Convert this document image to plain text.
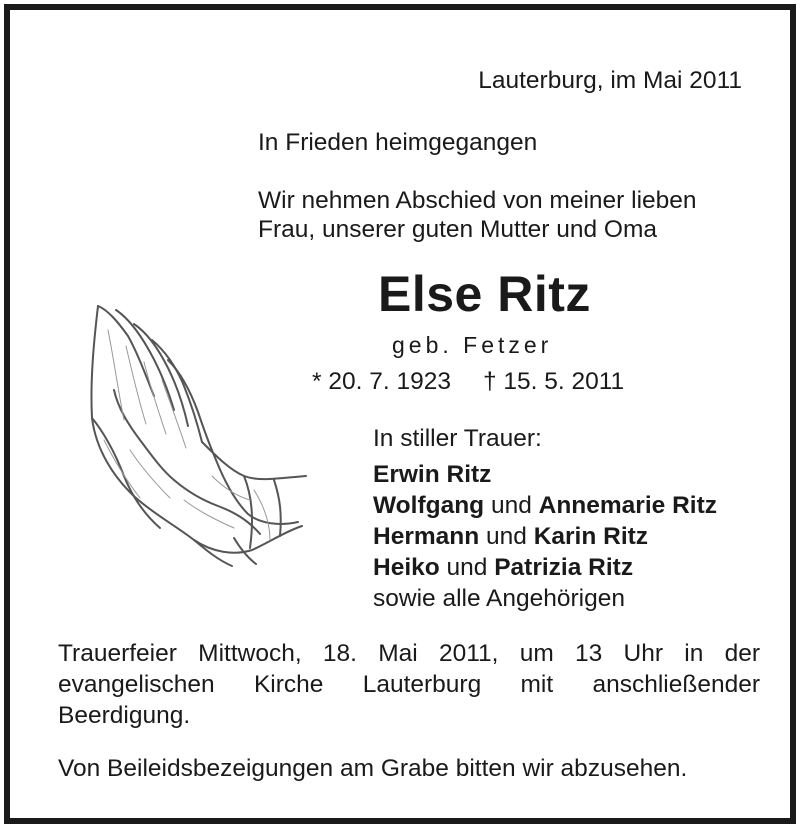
Lauterburg, im Mai 2011
In Frieden heimgegangen
Wir nehmen Abschied von meiner lieben
Frau, unserer guten Mutter und Oma
Else Ritz
geb. Fetzer
* 20. 7. 1923 † 15. 5. 2011
In stiller Trauer:
Erwin Ritz
Wolfgang und Annemarie Ritz
Hermann und Karin Ritz
Heiko und Patrizia Ritz
sowie alle Angehörigen
Trauerfeier Mittwoch, 18. Mai 2011, um 13 Uhr in der evangelischen Kirche Lauterburg mit anschließender Beerdigung.
Von Beileidsbezeigungen am Grabe bitten wir abzusehen.
